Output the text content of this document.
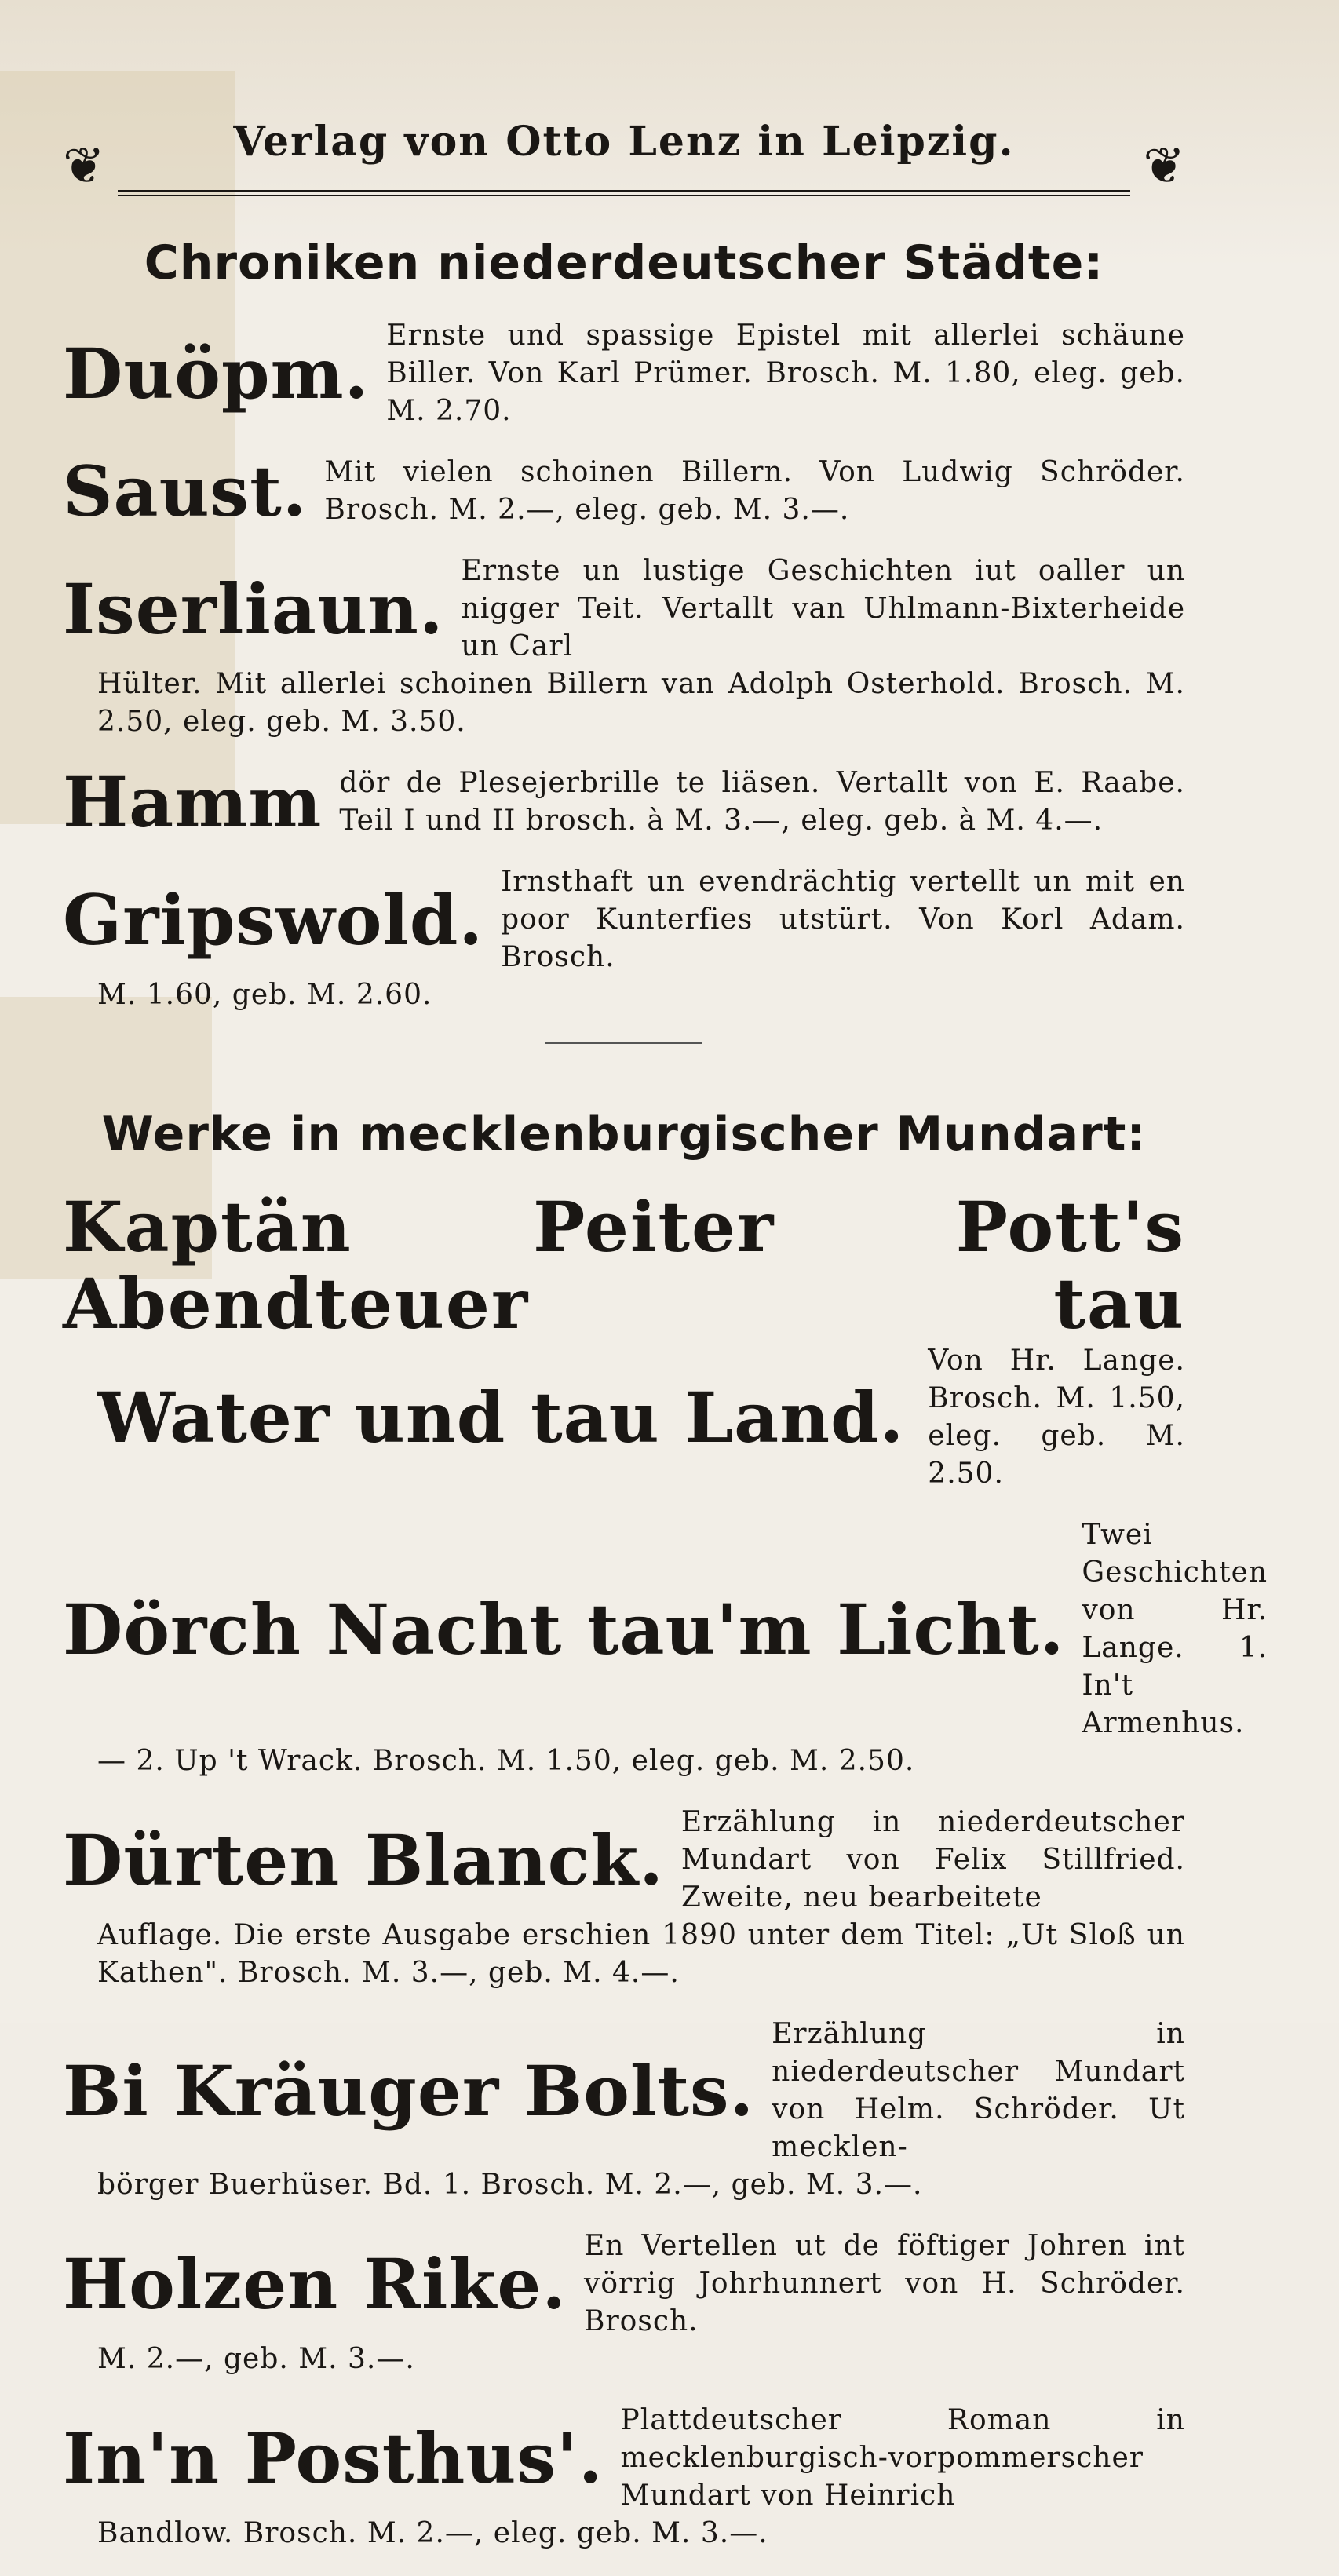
❦	Verlag von Otto Lenz in Leipzig.	❦
Chroniken niederdeutscher Städte:
Duöpm. Ernste und spassige Epistel mit allerlei schäune Biller. Von Karl Prümer. Brosch. M. 1.80, eleg. geb. M. 2.70.
Saust. Mit vielen schoinen Billern. Von Ludwig Schröder. Brosch. M. 2.—, eleg. geb. M. 3.—.
Iserliaun. Ernste un lustige Geschichten iut oaller un nigger Teit. Vertallt van Uhlmann-Bixterheide un Carl
Hülter. Mit allerlei schoinen Billern van Adolph Osterhold. Brosch. M. 2.50, eleg. geb. M. 3.50.
Hamm dör de Plesejerbrille te liäsen. Vertallt von E. Raabe. Teil I und II brosch. à M. 3.—, eleg. geb. à M. 4.—.
Gripswold. Irnsthaft un evendrächtig vertellt un mit en poor Kunterfies utstürt. Von Korl Adam. Brosch.
M. 1.60, geb. M. 2.60.
Werke in mecklenburgischer Mundart:
Kaptän Peiter Pott's Abendteuer tau
Water und tau Land.
Von Hr. Lange. Brosch. M. 1.50, eleg. geb. M. 2.50.
Dörch Nacht tau'm Licht.
Twei Geschichten von Hr. Lange. 1. In't Armenhus.
— 2. Up 't Wrack. Brosch. M. 1.50, eleg. geb. M. 2.50.
Dürten Blanck. Erzählung in niederdeutscher Mundart von Felix Stillfried. Zweite, neu bearbeitete
Auflage. Die erste Ausgabe erschien 1890 unter dem Titel: „Ut Sloß un Kathen". Brosch. M. 3.—, geb. M. 4.—.
Bi Kräuger Bolts.
Erzählung in niederdeutscher Mundart von Helm. Schröder. Ut mecklen-
börger Buerhüser. Bd. 1. Brosch. M. 2.—, geb. M. 3.—.
Holzen Rike. En Vertellen ut de föftiger Johren int vörrig Johrhunnert von H. Schröder. Brosch.
M. 2.—, geb. M. 3.—.
In'n Posthus'. Plattdeutscher Roman in mecklenburgisch-vorpommerscher Mundart von Heinrich
Bandlow. Brosch. M. 2.—, eleg. geb. M. 3.—.
